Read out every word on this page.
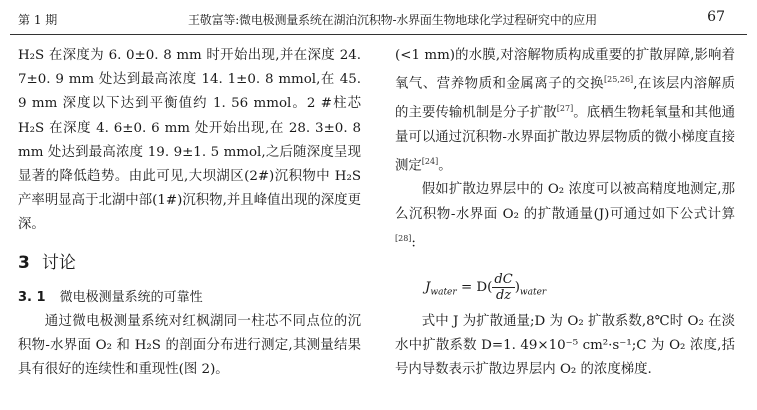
第 1 期	王敬富等:微电极测量系统在湖泊沉积物-水界面生物地球化学过程研究中的应用	67

H₂S 在深度为 6. 0±0. 8 mm 时开始出现,并在深度 24. 7±0. 9 mm 处达到最高浓度 14. 1±0. 8 mmol,在 45. 9 mm 深度以下达到平衡值约 1. 56 mmol。2 #柱芯 H₂S 在深度 4. 6±0. 6 mm 处开始出现,在 28. 3±0. 8 mm 处达到最高浓度 19. 9±1. 5 mmol,之后随深度呈现显著的降低趋势。由此可见,大坝湖区(2#)沉积物中 H₂S 产率明显高于北湖中部(1#)沉积物,并且峰值出现的深度更深。

3 讨论
3. 1 微电极测量系统的可靠性

通过微电极测量系统对红枫湖同一柱芯不同点位的沉积物-水界面 O₂ 和 H₂S 的剖面分布进行测定,其测量结果具有很好的连续性和重现性(图 2)。

(<1 mm)的水膜,对溶解物质构成重要的扩散屏障,影响着氧气、营养物质和金属离子的交换[25,26],在该层内溶解质的主要传输机制是分子扩散[27]。底栖生物耗氧量和其他通量可以通过沉积物-水界面扩散边界层物质的微小梯度直接测定[24]。

假如扩散边界层中的 O₂ 浓度可以被高精度地测定,那么沉积物-水界面 O₂ 的扩散通量(J)可通过如下公式计算[28]:

$J_{water} = D( \frac{dC}{dz} )_{water}$

式中 J 为扩散通量;D 为 O₂ 扩散系数,8℃时 O₂ 在淡水中扩散系数 D=1. 49×10⁻⁵ cm²·s⁻¹;C 为 O₂ 浓度,括号内导数表示扩散边界层内 O₂ 的浓度梯度.
